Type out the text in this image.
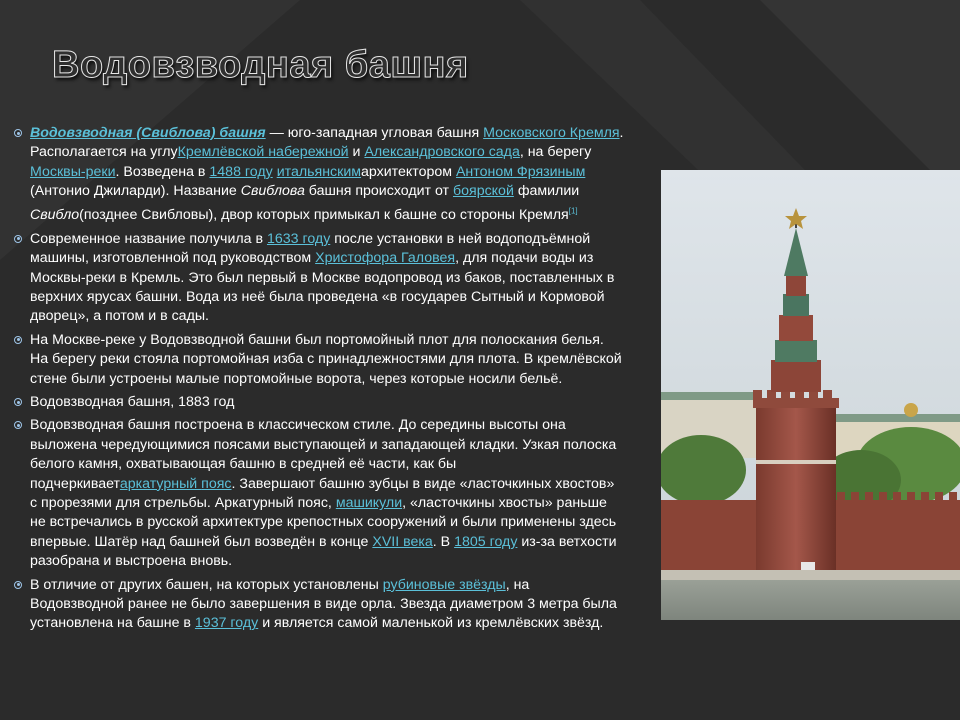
Водовзводная башня
Водовзводная (Свиблова) башня — юго-западная угловая башня Московского Кремля. Располагается на углуКремлёвской набережной и Александровского сада, на берегу Москвы-реки. Возведена в 1488 году итальянскимархитектором Антоном Фрязиным (Антонио Джиларди). Название Свиблова башня происходит от боярской фамилии Свибло(позднее Свибловы), двор которых примыкал к башне со стороны Кремля[1]
Современное название получила в 1633 году после установки в ней водоподъёмной машины, изготовленной под руководством Христофора Галовея, для подачи воды из Москвы-реки в Кремль. Это был первый в Москве водопровод из баков, поставленных в верхних ярусах башни. Вода из неё была проведена «в государев Сытный и Кормовой дворец», а потом и в сады.
На Москве-реке у Водовзводной башни был портомойный плот для полоскания белья. На берегу реки стояла портомойная изба с принадлежностями для плота. В кремлёвской стене были устроены малые портомойные ворота, через которые носили бельё.
Водовзводная башня, 1883 год
Водовзводная башня построена в классическом стиле. До середины высоты она выложена чередующимися поясами выступающей и западающей кладки. Узкая полоска белого камня, охватывающая башню в средней её части, как бы подчеркиваетаркатурный пояс. Завершают башню зубцы в виде «ласточкиных хвостов» с прорезями для стрельбы. Аркатурный пояс, машикули, «ласточкины хвосты» раньше не встречались в русской архитектуре крепостных сооружений и были применены здесь впервые. Шатёр над башней был возведён в конце XVII века. В 1805 году из-за ветхости разобрана и выстроена вновь.
В отличие от других башен, на которых установлены рубиновые звёзды, на Водовзводной ранее не было завершения в виде орла. Звезда диаметром 3 метра была установлена на башне в 1937 году и является самой маленькой из кремлёвских звёзд.
